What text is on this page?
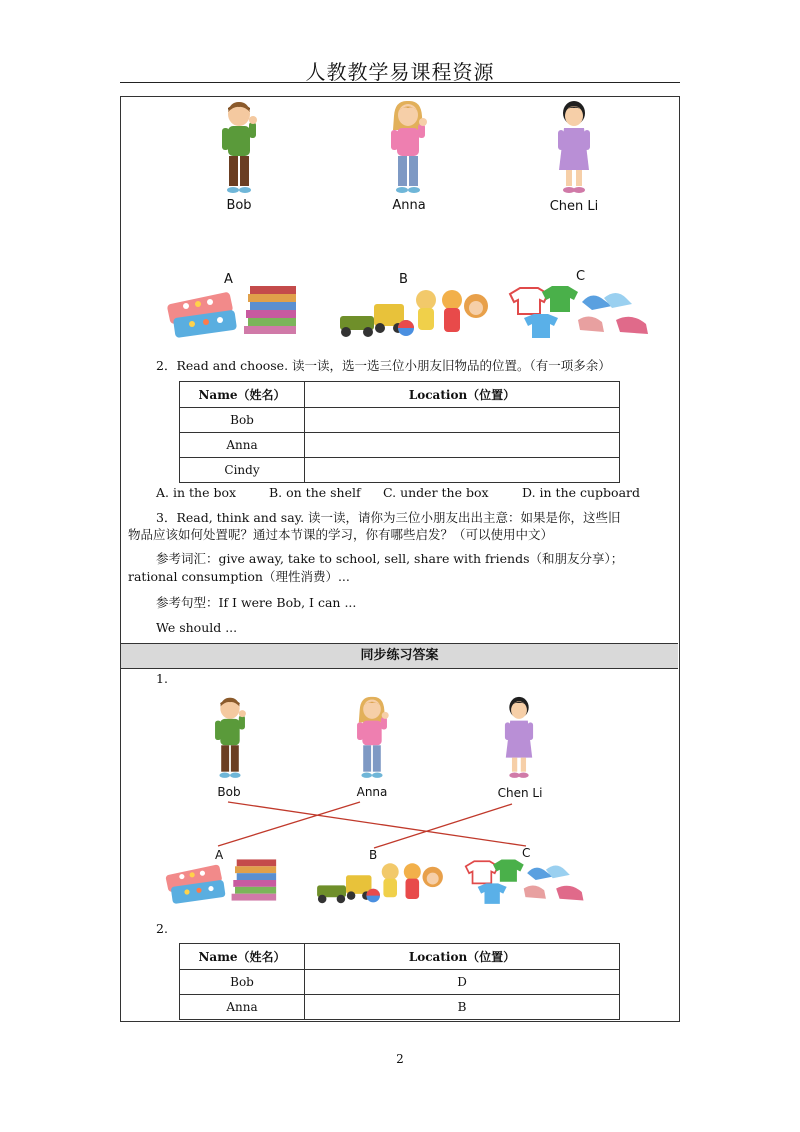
人教教学易课程资源
Bob	Anna	Chen Li
A	B	C
2．Read and choose. 读一读，选一选三位小朋友旧物品的位置。（有一项多余）
Name（姓名）	Location（位置）
Bob	
Anna	
Cindy	
A. in the box	B. on the shelf C. under the box	D. in the cupboard
3．Read, think and say. 读一读，请你为三位小朋友出出主意：如果是你，这些旧
物品应该如何处置呢？通过本节课的学习，你有哪些启发？（可以使用中文）
参考词汇：give away, take to school, sell, share with friends（和朋友分享）；
rational consumption（理性消费）...
参考句型：If I were Bob, I can ...
We should ...
同步练习答案
1.
Bob	Anna	Chen Li
A	B	C
2.
Name（姓名）	Location（位置）
Bob	D
Anna	B
2
